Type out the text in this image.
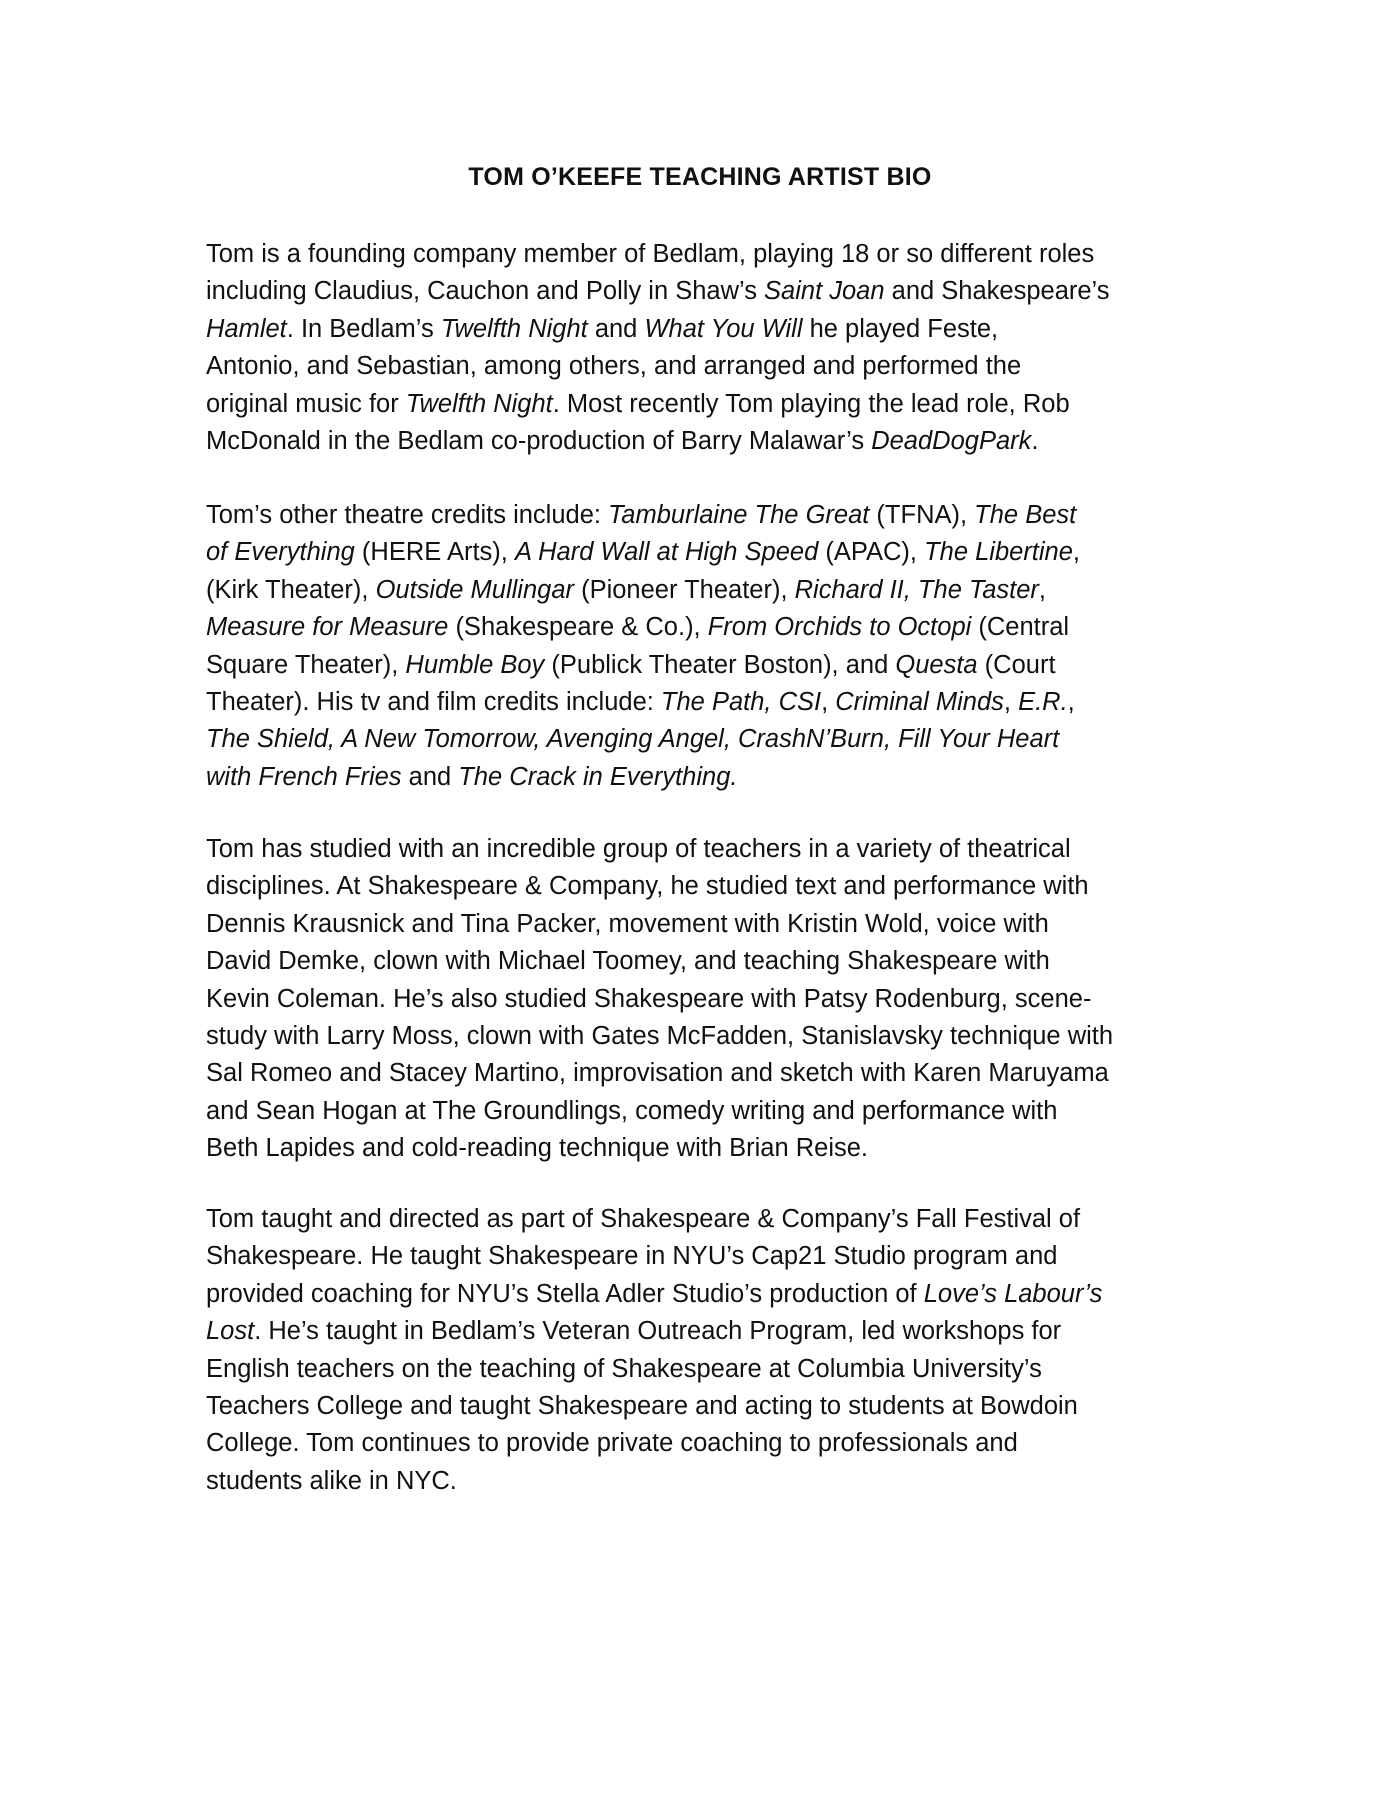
TOM O’KEEFE TEACHING ARTIST BIO
Tom is a founding company member of Bedlam, playing 18 or so different roles
including Claudius, Cauchon and Polly in Shaw’s Saint Joan and Shakespeare’s
Hamlet. In Bedlam’s Twelfth Night and What You Will he played Feste,
Antonio, and Sebastian, among others, and arranged and performed the
original music for Twelfth Night. Most recently Tom playing the lead role, Rob
McDonald in the Bedlam co-production of Barry Malawar’s DeadDogPark.
Tom’s other theatre credits include: Tamburlaine The Great (TFNA), The Best
of Everything (HERE Arts), A Hard Wall at High Speed (APAC), The Libertine,
(Kirk Theater), Outside Mullingar (Pioneer Theater), Richard II, The Taster,
Measure for Measure (Shakespeare & Co.), From Orchids to Octopi (Central
Square Theater), Humble Boy (Publick Theater Boston), and Questa (Court
Theater). His tv and film credits include: The Path, CSI, Criminal Minds, E.R.,
The Shield, A New Tomorrow, Avenging Angel, CrashN’Burn, Fill Your Heart
with French Fries and The Crack in Everything.
Tom has studied with an incredible group of teachers in a variety of theatrical
disciplines. At Shakespeare & Company, he studied text and performance with
Dennis Krausnick and Tina Packer, movement with Kristin Wold, voice with
David Demke, clown with Michael Toomey, and teaching Shakespeare with
Kevin Coleman. He’s also studied Shakespeare with Patsy Rodenburg, scene-
study with Larry Moss, clown with Gates McFadden, Stanislavsky technique with
Sal Romeo and Stacey Martino, improvisation and sketch with Karen Maruyama
and Sean Hogan at The Groundlings, comedy writing and performance with
Beth Lapides and cold-reading technique with Brian Reise.
Tom taught and directed as part of Shakespeare & Company’s Fall Festival of
Shakespeare. He taught Shakespeare in NYU’s Cap21 Studio program and
provided coaching for NYU’s Stella Adler Studio’s production of Love’s Labour’s
Lost. He’s taught in Bedlam’s Veteran Outreach Program, led workshops for
English teachers on the teaching of Shakespeare at Columbia University’s
Teachers College and taught Shakespeare and acting to students at Bowdoin
College. Tom continues to provide private coaching to professionals and
students alike in NYC.
